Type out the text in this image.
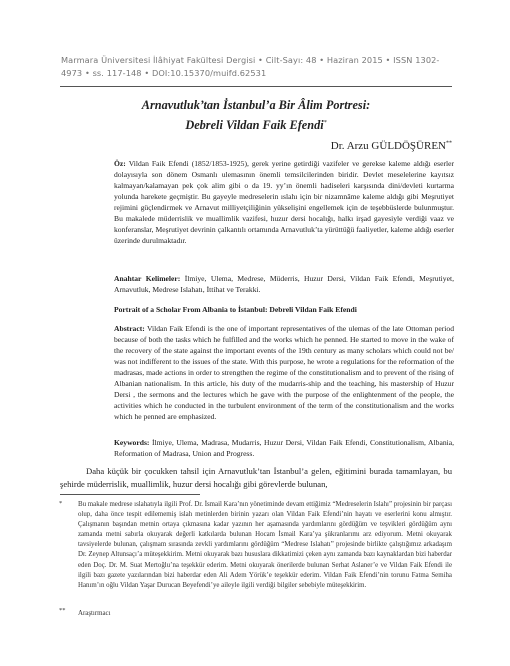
Marmara Üniversitesi İlâhiyat Fakültesi Dergisi • Cilt-Sayı: 48 • Haziran 2015 • ISSN 1302-4973 • ss. 117-148 • DOI:10.15370/muifd.62531
Arnavutluk’tan İstanbul’a Bir Âlim Portresi:
Debreli Vildan Faik Efendi*
Dr. Arzu GÜLDÖŞÜREN**
Öz: Vildan Faik Efendi (1852/1853-1925), gerek yerine getirdiği vazifeler ve gerekse kaleme aldığı eserler dolayısıyla son dönem Osmanlı ulemasının önemli temsilcilerinden biridir. Devlet meselelerine kayıtsız kalmayan/kalamayan pek çok alim gibi o da 19. yy’ın önemli hadiseleri karşısında dini/devleti kurtarma yolunda harekete geçmiştir. Bu gayeyle medreselerin ıslahı için bir nizamnâme kaleme aldığı gibi Meşrutiyet rejimini güçlendirmek ve Arnavut milliyetçiliğinin yükselişini engellemek için de teşebbüslerde bulunmuştur. Bu makalede müderrislik ve muallimlik vazifesi, huzur dersi hocalığı, halkı irşad gayesiyle verdiği vaaz ve konferanslar, Meşrutiyet devrinin çalkantılı ortamında Arnavutluk’ta yürüttüğü faaliyetler, kaleme aldığı eserler üzerinde durulmaktadır.
Anahtar Kelimeler: İlmiye, Ulema, Medrese, Müderris, Huzur Dersi, Vildan Faik Efendi, Meşrutiyet, Arnavutluk, Medrese Islahatı, İttihat ve Terakki.
Portrait of a Scholar From Albania to İstanbul: Debreli Vildan Faik Efendi
Abstract: Vildan Faik Efendi is the one of important representatives of the ulemas of the late Ottoman period because of both the tasks which he fulfilled and the works which he penned. He started to move in the wake of the recovery of the state against the important events of the 19th century as many scholars which could not be/ was not indifferent to the issues of the state. With this purpose, he wrote a regulations for the reformation of the madrasas, made actions in order to strengthen the regime of the constitutionalism and to prevent of the rising of Albanian nationalism. In this article, his duty of the mudarris-ship and the teaching, his mastership of Huzur Dersi , the sermons and the lectures which he gave with the purpose of the enlightenment of the people, the activities which he conducted in the turbulent environment of the term of the constitutionalism and the works which he penned are emphasized.
Keywords: İlmiye, Ulema, Madrasa, Mudarris, Huzur Dersi, Vildan Faik Efendi, Constitutionalism, Albania, Reformation of Madrasa, Union and Progress.
Daha küçük bir çocukken tahsil için Arnavutluk’tan İstanbul’a gelen, eğitimini burada tamamlayan, bu şehirde müderrislik, muallimlik, huzur dersi hocalığı gibi görevlerde bulunan,
* Bu makale medrese ıslahatıyla ilgili Prof. Dr. İsmail Kara’nın yönetiminde devam ettiğimiz “Medreselerin Islahı” projesinin bir parçası olup, daha önce tespit edilememiş islah metinlerden birinin yazarı olan Vildan Faik Efendi’nin hayatı ve eserlerini konu almıştır. Çalışmanın başından metnin ortaya çıkmasına kadar yazının her aşamasında yardımlarını gördüğüm ve teşvikleri gördüğüm aynı zamanda metni sabırla okuyarak değerli katkılarda bulunan Hocam İsmail Kara’ya şükranlarımı arz ediyorum. Metni okuyarak tavsiyelerde bulunan, çalışmam sırasında zevkli yardımlarını gördüğüm “Medrese Islahatı” projesinde birlikte çalıştığımız arkadaşım Dr. Zeynep Altunsaçı’a müteşekkirim. Metni okuyarak bazı hususlara dikkatimizi çeken aynı zamanda bazı kaynaklardan bizi haberdar eden Doç. Dr. M. Suat Mertoğlu’na teşekkür ederim. Metni okuyarak önerilerde bulunan Serhat Aslaner’e ve Vildan Faik Efendi ile ilgili bazı gazete yazılarından bizi haberdar eden Ali Adem Yörük’e teşekkür ederim. Vildan Faik Efendi’nin torunu Fatma Semiha Hanım’ın oğlu Vildan Yaşar Durucan Beyefendi’ye aileyle ilgili verdiği bilgiler sebebiyle müteşekkirim.
** Araştırmacı
